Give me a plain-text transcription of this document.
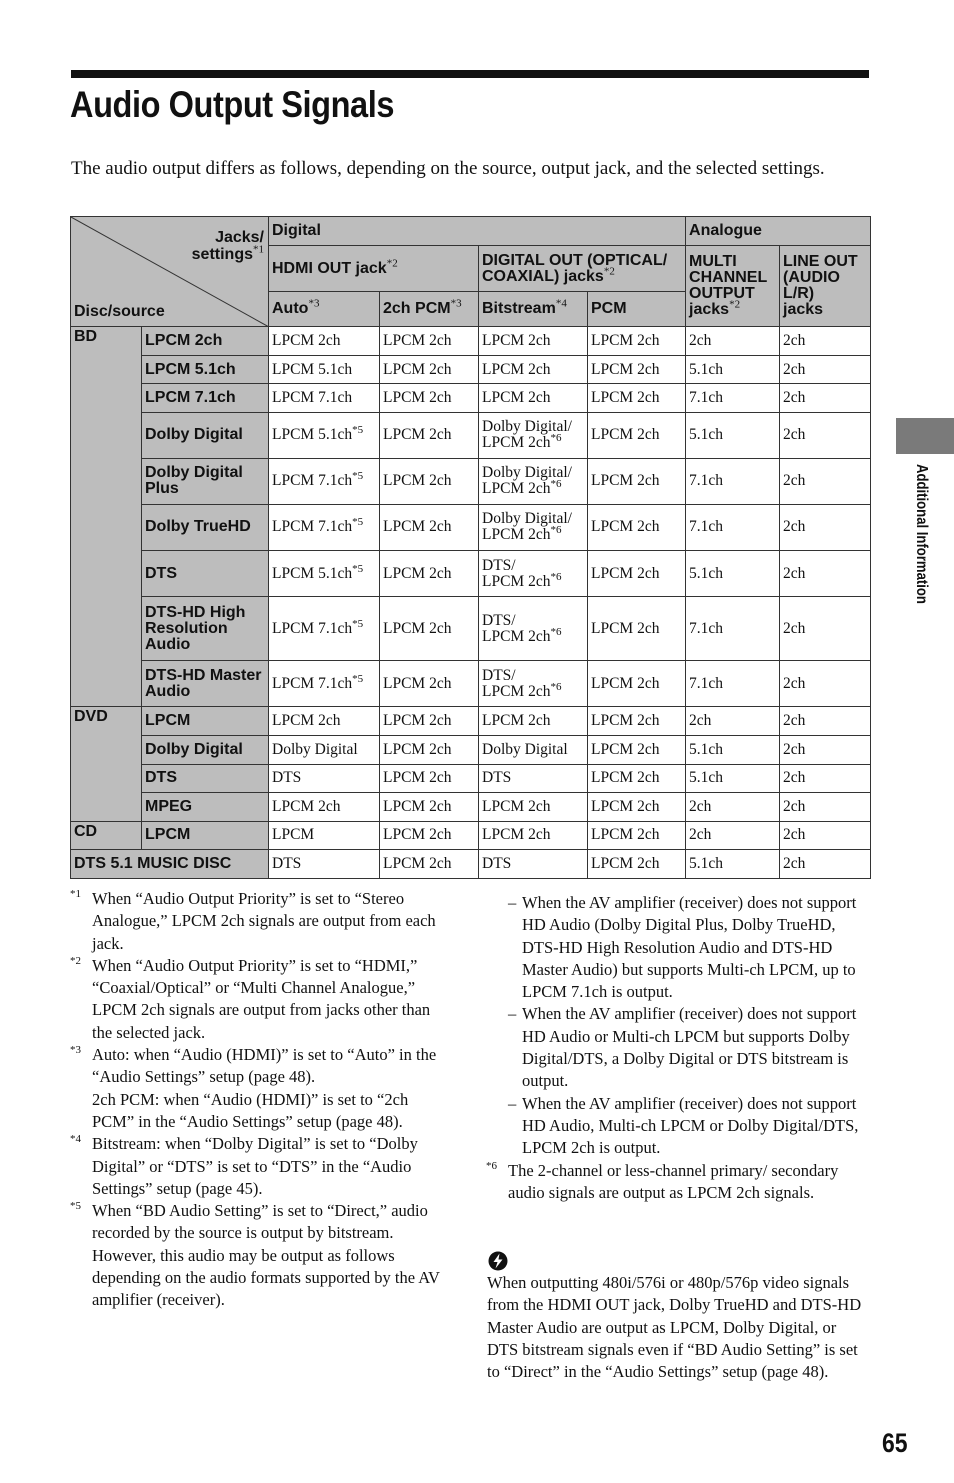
Audio Output Signals

The audio output differs as follows, depending on the source, output jack, and the selected settings.

Jacks/
settings$^{*1}$
Disc/source		Digital				Analogue	
		HDMI OUT jack$^{*2}$		DIGITAL OUT (OPTICAL/
COAXIAL) jacks$^{*2}$		MULTI
CHANNEL
OUTPUT
jacks$^{*2}$	LINE OUT
(AUDIO
L/R)
jacks
		Auto$^{*3}$	2ch PCM$^{*3}$	Bitstream$^{*4}$	PCM		
BD	LPCM 2ch	LPCM 2ch	LPCM 2ch	LPCM 2ch	LPCM 2ch	2ch	2ch
	LPCM 5.1ch	LPCM 5.1ch	LPCM 2ch	LPCM 2ch	LPCM 2ch	5.1ch	2ch
	LPCM 7.1ch	LPCM 7.1ch	LPCM 2ch	LPCM 2ch	LPCM 2ch	7.1ch	2ch
	Dolby Digital	LPCM $5.1ch^{*5}$	LPCM 2ch	Dolby Digital/
LPCM $2ch^{*6}$	LPCM 2ch	5.1ch	2ch
	Dolby Digital Plus	LPCM $7.1ch^{*5}$	LPCM 2ch	Dolby Digital/
LPCM $2ch^{*6}$	LPCM 2ch	7.1ch	2ch
	Dolby TrueHD	LPCM $7.1ch^{*5}$	LPCM 2ch	Dolby Digital/
LPCM $2ch^{*6}$	LPCM 2ch	7.1ch	2ch
	DTS	LPCM $5.1ch^{*5}$	LPCM 2ch	DTS/
LPCM $2ch^{*6}$	LPCM 2ch	5.1ch	2ch
	DTS-HD High Resolution Audio	LPCM $7.1ch^{*5}$	LPCM 2ch	DTS/
LPCM $2ch^{*6}$	LPCM 2ch	7.1ch	2ch
	DTS-HD Master Audio	LPCM $7.1ch^{*5}$	LPCM 2ch	DTS/
LPCM $2ch^{*6}$	LPCM 2ch	7.1ch	2ch
DVD	LPCM	LPCM 2ch	LPCM 2ch	LPCM 2ch	LPCM 2ch	2ch	2ch
	Dolby Digital	Dolby Digital	LPCM 2ch	Dolby Digital	LPCM 2ch	5.1ch	2ch
	DTS	DTS	LPCM 2ch	DTS	LPCM 2ch	5.1ch	2ch
	MPEG	LPCM 2ch	LPCM 2ch	LPCM 2ch	LPCM 2ch	2ch	2ch
CD	LPCM	LPCM	LPCM 2ch	LPCM 2ch	LPCM 2ch	2ch	2ch
DTS 5.1 MUSIC DISC		DTS	LPCM 2ch	DTS	LPCM 2ch	5.1ch	2ch

*1 When “Audio Output Priority” is set to “Stereo Analogue,” LPCM 2ch signals are output from each jack.

*2 When “Audio Output Priority” is set to “HDMI,” “Coaxial/Optical” or “Multi Channel Analogue,” LPCM 2ch signals are output from jacks other than the selected jack.

*3 Auto: when “Audio (HDMI)” is set to “Auto” in the “Audio Settings” setup (page 48).
2ch PCM: when “Audio (HDMI)” is set to “2ch PCM” in the “Audio Settings” setup (page 48).

*4 Bitstream: when “Dolby Digital” is set to “Dolby Digital” or “DTS” is set to “DTS” in the “Audio Settings” setup (page 45).

*5 When “BD Audio Setting” is set to “Direct,” audio recorded by the source is output by bitstream. However, this audio may be output as follows depending on the audio formats supported by the AV amplifier (receiver).

– When the AV amplifier (receiver) does not support HD Audio (Dolby Digital Plus, Dolby TrueHD, DTS-HD High Resolution Audio and DTS-HD Master Audio) but supports Multi-ch LPCM, up to LPCM 7.1ch is output.

– When the AV amplifier (receiver) does not support HD Audio or Multi-ch LPCM but supports Dolby Digital/DTS, a Dolby Digital or DTS bitstream is output.

– When the AV amplifier (receiver) does not support HD Audio, Multi-ch LPCM or Dolby Digital/DTS, LPCM 2ch is output.

*6 The 2-channel or less-channel primary/ secondary audio signals are output as LPCM 2ch signals.

When outputting 480i/576i or 480p/576p video signals from the HDMI OUT jack, Dolby TrueHD and DTS-HD Master Audio are output as LPCM, Dolby Digital, or DTS bitstream signals even if “BD Audio Setting” is set to “Direct” in the “Audio Settings” setup (page 48).
Additional Information
65
